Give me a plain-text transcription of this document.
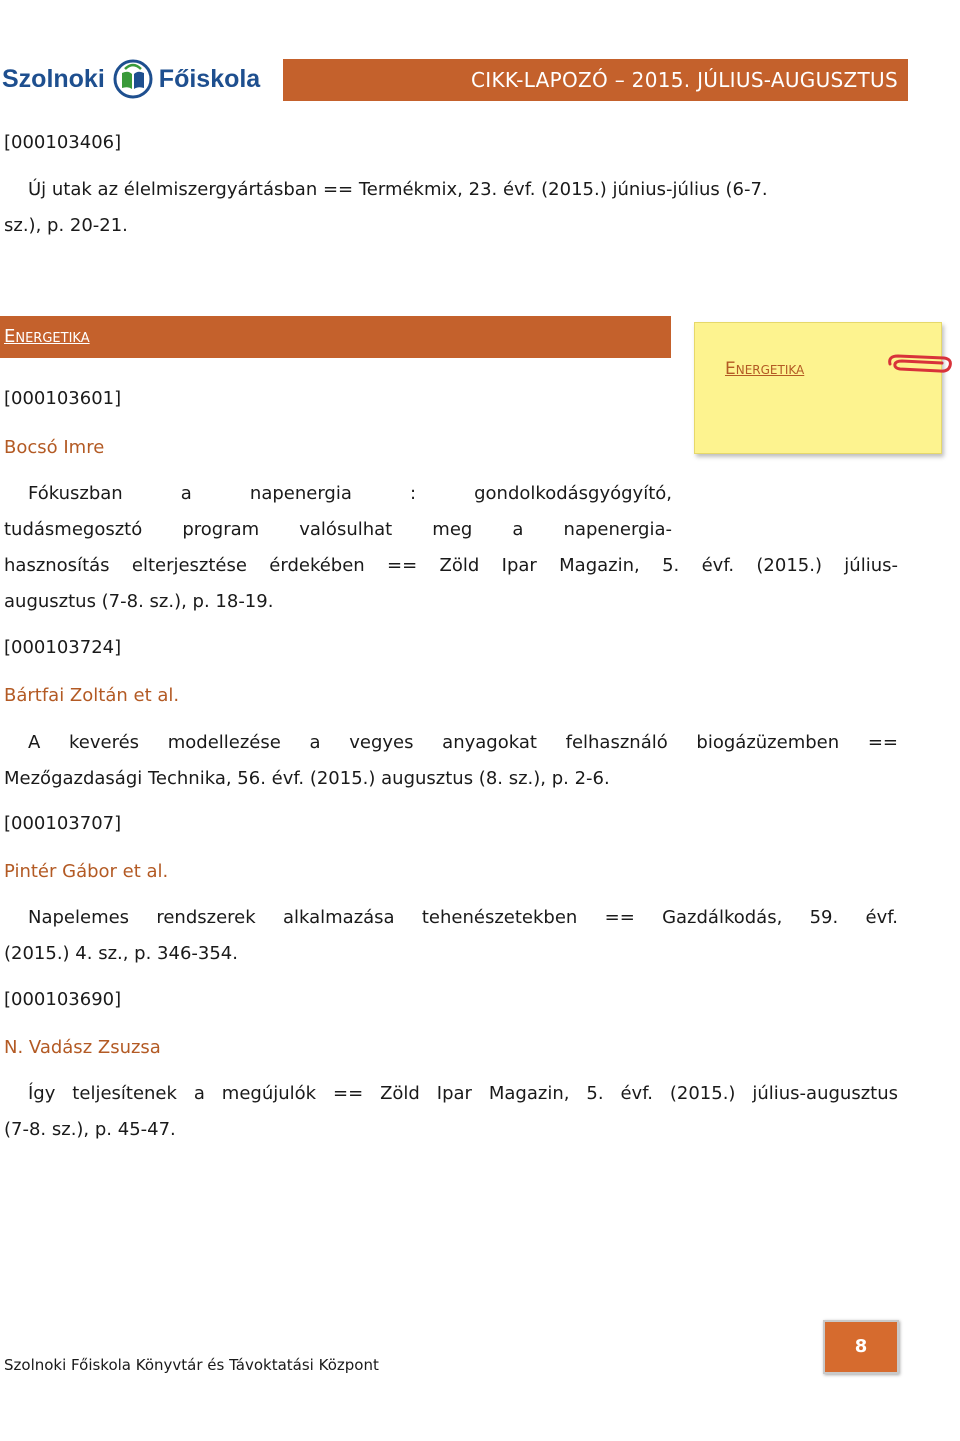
Szolnoki Főiskola	CIKK-LAPOZÓ – 2015. JÚLIUS-AUGUSZTUS
[000103406]
Új utak az élelmiszergyártásban == Termékmix, 23. évf. (2015.) június-július (6-7.
sz.), p. 20-21.
Energetika
Energetika
[000103601]
Bocsó Imre
Fókuszban a napenergia : gondolkodásgyógyító,
tudásmegosztó program valósulhat meg a napenergia-
hasznosítás elterjesztése érdekében == Zöld Ipar Magazin, 5. évf. (2015.) július-
augusztus (7-8. sz.), p. 18-19.
[000103724]
Bártfai Zoltán et al.
A keverés modellezése a vegyes anyagokat felhasználó biogázüzemben ==
Mezőgazdasági Technika, 56. évf. (2015.) augusztus (8. sz.), p. 2-6.
[000103707]
Pintér Gábor et al.
Napelemes rendszerek alkalmazása tehenészetekben == Gazdálkodás, 59. évf.
(2015.) 4. sz., p. 346-354.
[000103690]
N. Vadász Zsuzsa
Így teljesítenek a megújulók == Zöld Ipar Magazin, 5. évf. (2015.) július-augusztus
(7-8. sz.), p. 45-47.
Szolnoki Főiskola Könyvtár és Távoktatási Központ
8
